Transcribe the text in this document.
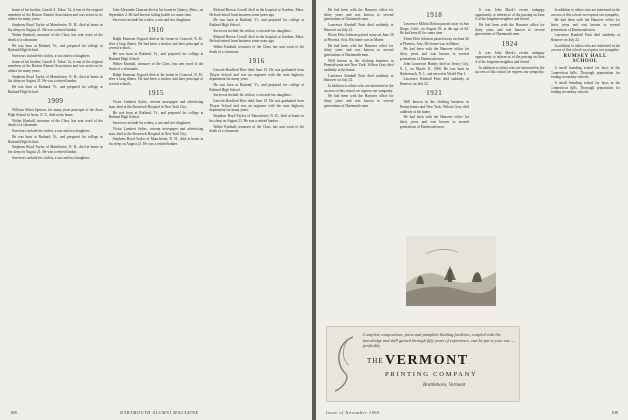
home of his brother, Carroll A. Tabor '14, is one of the original members of the Boston Alumni Association and was active in its affairs for many years.

Stephens Boyd Taylor of Manchester, N. H., died at home in his sleep on August 21. He was a retired banker.

Walter Kimball, treasurer of the Class, has sent word of the death of a classmate.

He was born at Rutland, Vt., and prepared for college at Rutland High School.

Survivors include his widow, a son and two daughters.

home of his brother, Carroll A. Tabor '14, is one of the original members of the Boston Alumni Association and was active in its affairs for many years.

Stephens Boyd Taylor of Manchester, N. H., died at home in his sleep on August 21. He was a retired banker.

He was born at Rutland, Vt., and prepared for college at Rutland High School.

1909

William Abbot Spencer, for many years principal of the Avon High School in Avon, N. Y., died at his home.

Walter Kimball, treasurer of the Class, has sent word of the death of a classmate.

Survivors include his widow, a son and two daughters.

He was born at Rutland, Vt., and prepared for college at Rutland High School.

Stephens Boyd Taylor of Manchester, N. H., died at home in his sleep on August 21. He was a retired banker.

Survivors include his widow, a son and two daughters.

John Alexander Duncan died at his home in Quincy, Mass., on September 2. He had been in failing health for some time.

Survivors include his widow, a son and two daughters.

1910

Ralph Emerson Osgood died at his home in Concord, N. H., after a long illness. He had been a teacher and later principal of several schools.

He was born at Rutland, Vt., and prepared for college at Rutland High School.

Walter Kimball, treasurer of the Class, has sent word of the death of a classmate.

Ralph Emerson Osgood died at his home in Concord, N. H., after a long illness. He had been a teacher and later principal of several schools.

1915

Victor Lambert Sykes, veteran newspaper and advertising man, died at the Roosevelt Hospital in New York City.

He was born at Rutland, Vt., and prepared for college at Rutland High School.

Survivors include his widow, a son and two daughters.

Victor Lambert Sykes, veteran newspaper and advertising man, died at the Roosevelt Hospital in New York City.

Stephens Boyd Taylor of Manchester, N. H., died at home in his sleep on August 21. He was a retired banker.

Richard Brown Cowell died in the hospital at Gardner, Mass. He had retired from business some years ago.

He was born at Rutland, Vt., and prepared for college at Rutland High School.

Survivors include his widow, a son and two daughters.

Richard Brown Cowell died in the hospital at Gardner, Mass. He had retired from business some years ago.

Walter Kimball, treasurer of the Class, has sent word of the death of a classmate.

1916

Lincoln Bradford Rice died June 15. He was graduated from Thayer School and was an engineer with the state highway department for many years.

He was born at Rutland, Vt., and prepared for college at Rutland High School.

Survivors include his widow, a son and two daughters.

Lincoln Bradford Rice died June 15. He was graduated from Thayer School and was an engineer with the state highway department for many years.

Stephens Boyd Taylor of Manchester, N. H., died at home in his sleep on August 21. He was a retired banker.

Walter Kimball, treasurer of the Class, has sent word of the death of a classmate.

DARTMOUTH ALUMNI MAGAZINE
108

He had been with the Hanover office for thirty years and was known to several generations of Dartmouth men.

Lawrence Kimball Pratt died suddenly at Hanover on July 22.

Elwin Eliot Johnson passed away on June 26 at Phoenix, Ariz. His home was in Maine.

He had been with the Hanover office for thirty years and was known to several generations of Dartmouth men.

Well known in the clothing business in Pennsylvania and New York, Wilson Gray died suddenly at his home.

Lawrence Kimball Pratt died suddenly at Hanover on July 22.

In addition to others who are interested in the success of this school we express our sympathy.

He had been with the Hanover office for thirty years and was known to several generations of Dartmouth men.

1918

Lawrence Milton Dolton passed away in San Diego, Calif., on August 29, at the age of 64. He had been ill for some time.

Elwin Eliot Johnson passed away on June 26 at Phoenix, Ariz. His home was in Maine.

He had been with the Hanover office for thirty years and was known to several generations of Dartmouth men.

John Lawrence Hanley died in Jersey City, N. J., on March 11, 1960. He was born in Hackensack, N. J., and served in World War I.

Lawrence Kimball Pratt died suddenly at Hanover on July 22.

1921

Well known in the clothing business in Pennsylvania and New York, Wilson Gray died suddenly at his home.

He had been with the Hanover office for thirty years and was known to several generations of Dartmouth men.

It was John Mack's recent unhappy opportunity to inform us of the passing on June 4 of his longtime neighbor and friend.

He had been with the Hanover office for thirty years and was known to several generations of Dartmouth men.

1924

It was John Mack's recent unhappy opportunity to inform us of the passing on June 4 of his longtime neighbor and friend.

In addition to others who are interested in the success of this school we express our sympathy.

In addition to others who are interested in the success of this school we express our sympathy.

He had been with the Hanover office for thirty years and was known to several generations of Dartmouth men.

Lawrence Kimball Pratt died suddenly at Hanover on July 22.

In addition to others who are interested in the success of this school we express our sympathy.

RUMSEY HALL SCHOOL

A small boarding school for boys in the Connecticut hills. Thorough preparation for leading secondary schools.

A small boarding school for boys in the Connecticut hills. Thorough preparation for leading secondary schools.

Complete composition, press and pamphlet binding facilities, coupled with the knowledge and skill gained through fifty years of experience, can be put to your use — profitably
THE VERMONT
PRINTING COMPANY
Brattleboro, Vermont
Issue of November 1960	109
